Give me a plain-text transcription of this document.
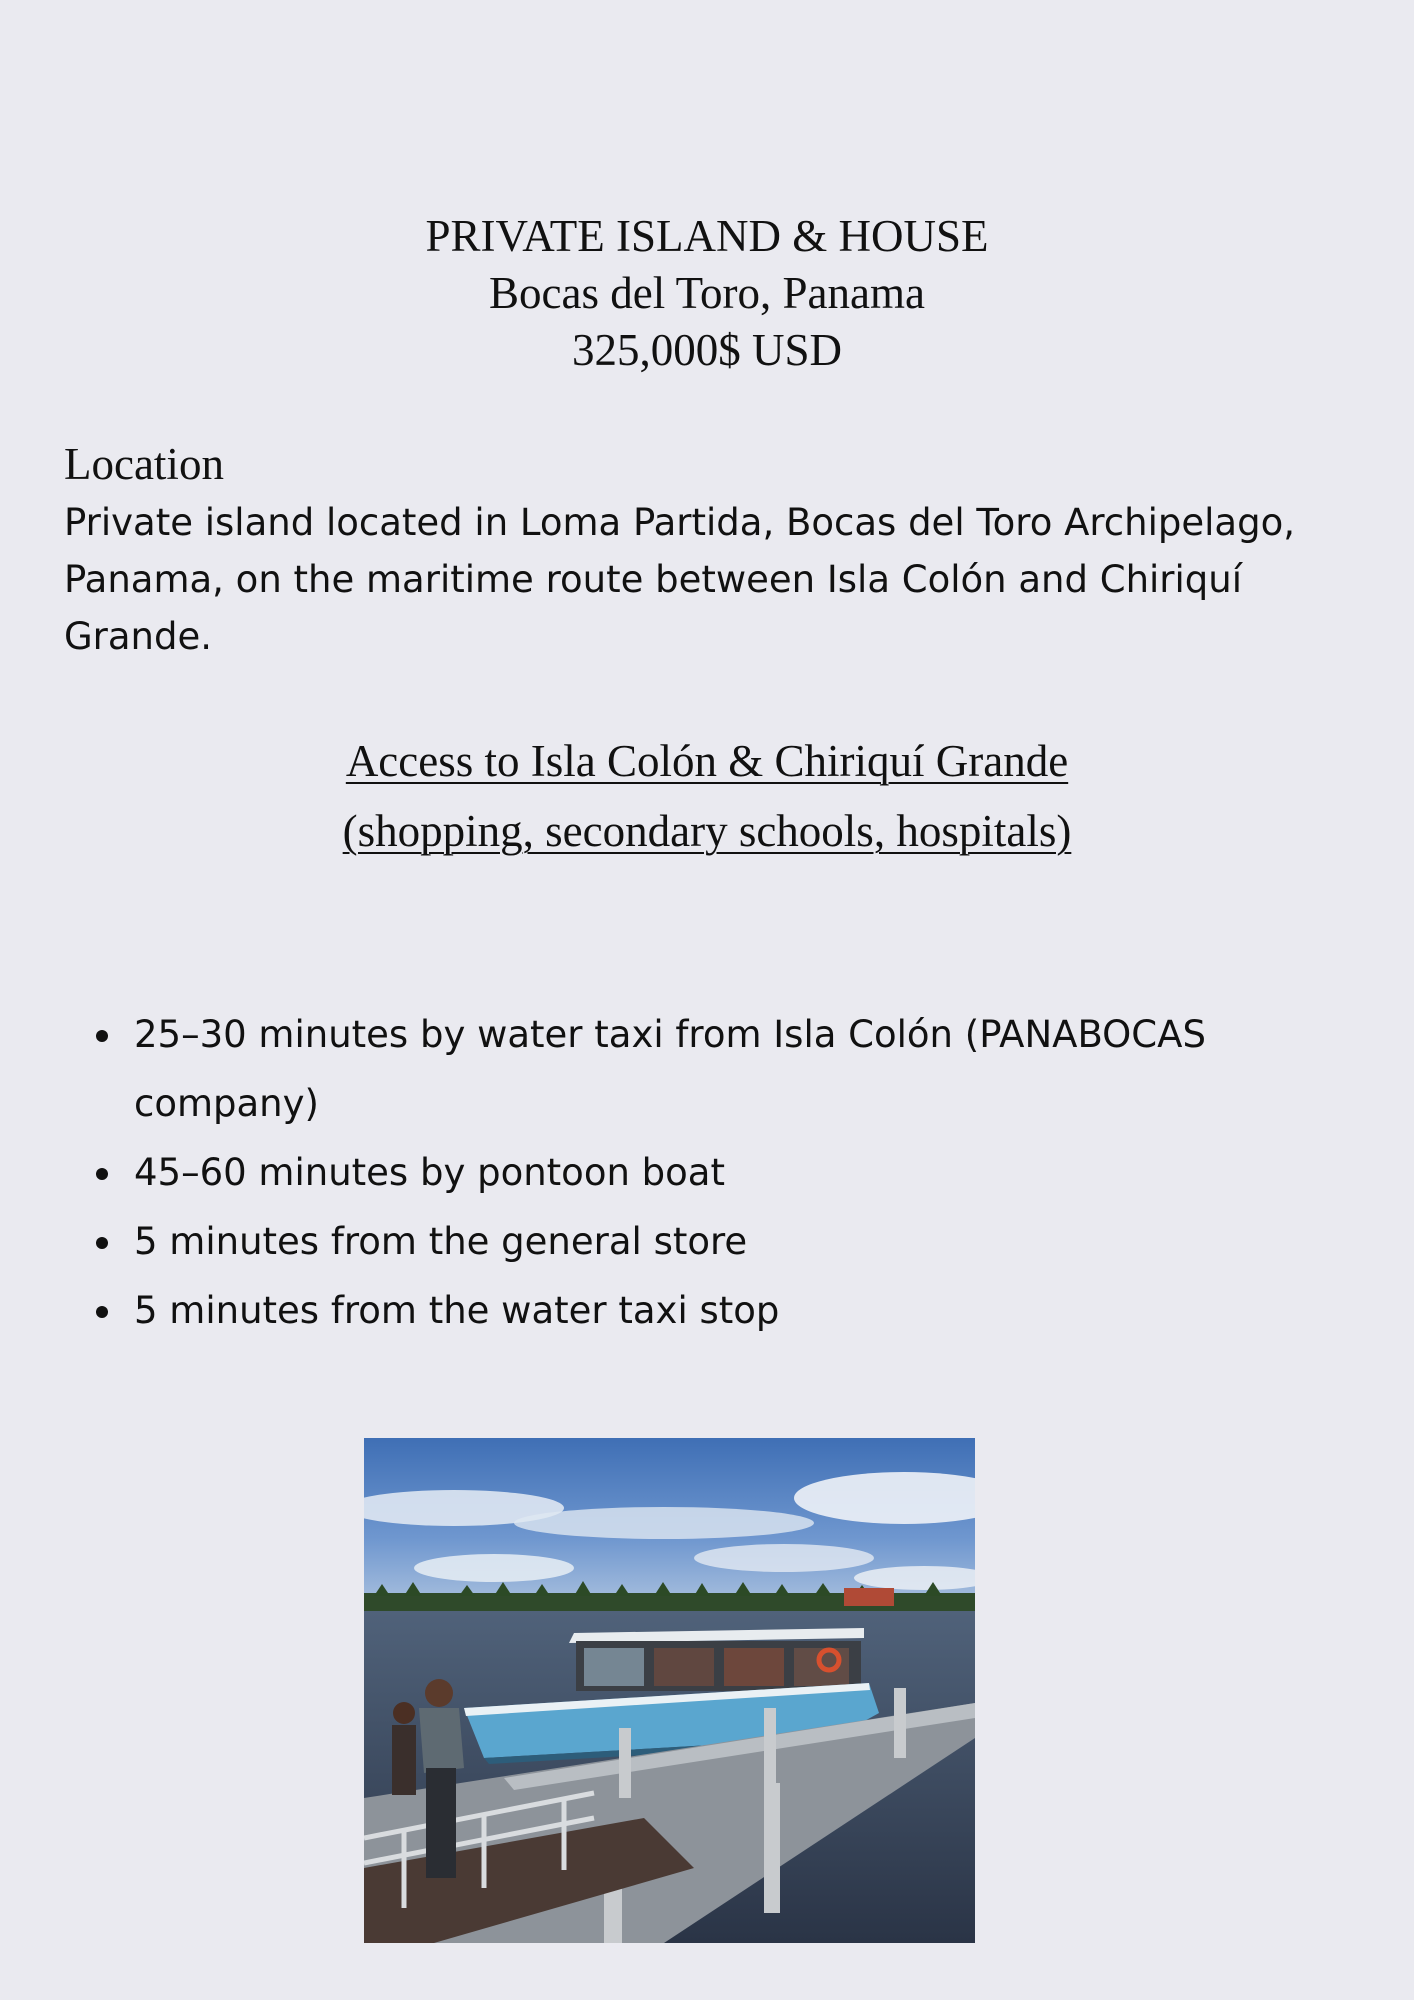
PRIVATE ISLAND & HOUSE
Bocas del Toro, Panama
325,000$ USD
Location
Private island located in Loma Partida, Bocas del Toro Archipelago, Panama, on the maritime route between Isla Colón and Chiriquí Grande.
Access to Isla Colón & Chiriquí Grande
(shopping, secondary schools, hospitals)
25–30 minutes by water taxi from Isla Colón (PANABOCAS company)
45–60 minutes by pontoon boat
5 minutes from the general store
5 minutes from the water taxi stop
